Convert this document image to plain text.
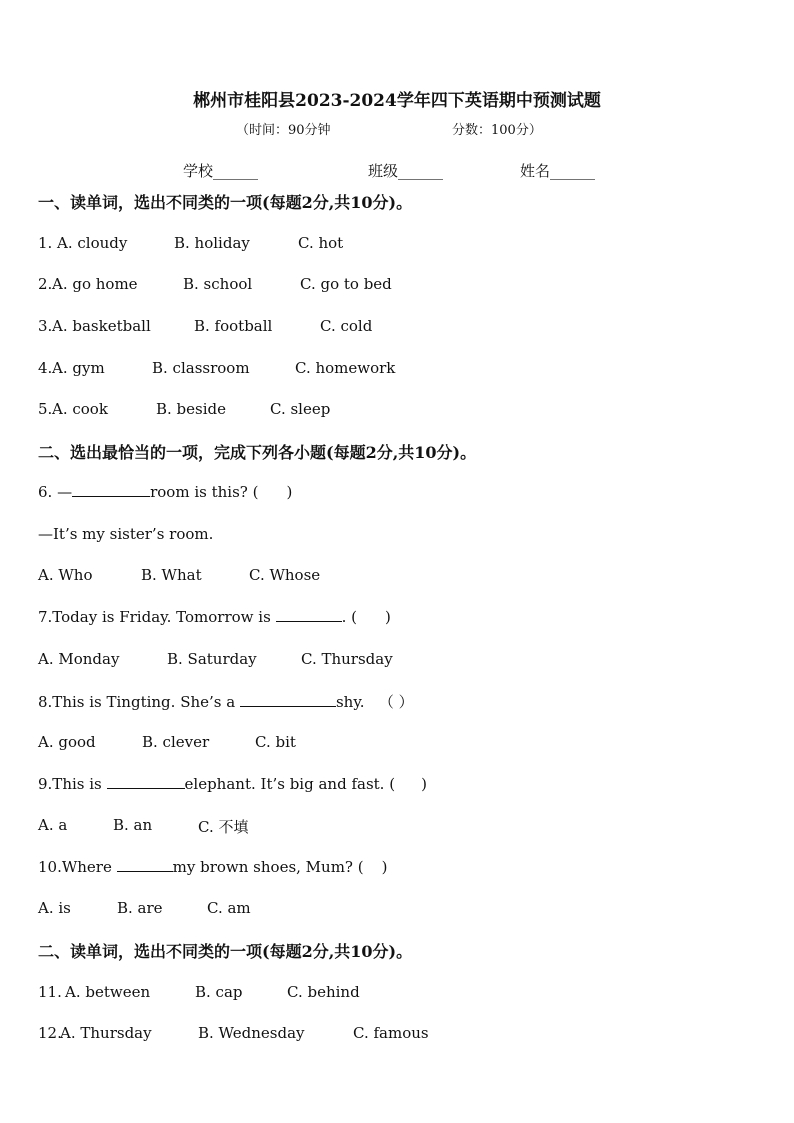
郴州市桂阳县2023-2024学年四下英语期中预测试题
（时间：90分钟	分数：100分）
学校______	班级______	姓名______
一、读单词，选出不同类的一项(每题2分,共10分)。
1. A. cloudy	B. holiday	C. hot
2. A. go home	B. school	C. go to bed
3. A. basketball	B. football	C. cold
4. A. gym	B. classroom	C. homework
5. A. cook	B. beside	C. sleep
二、选出最恰当的一项，完成下列各小题(每题2分,共10分)。
6. —	room is this? ( )
—It’s my sister’s room.
A. Who	B. What	C. Whose
7.Today is Friday. Tomorrow is	. ( )
A. Monday	B. Saturday	C. Thursday
8.This is Tingting. She’s a	shy. （ ）
A. good	B. clever	C. bit
9.This is	elephant. It’s big and fast. ( )
A. a	B. an	C. 不填
10.Where	my brown shoes, Mum? ( )
A. is	B. are	C. am
二、读单词，选出不同类的一项(每题2分,共10分)。
11. A. between	B. cap	C. behind
12.
A. Thursday	B. Wednesday	C. famous
